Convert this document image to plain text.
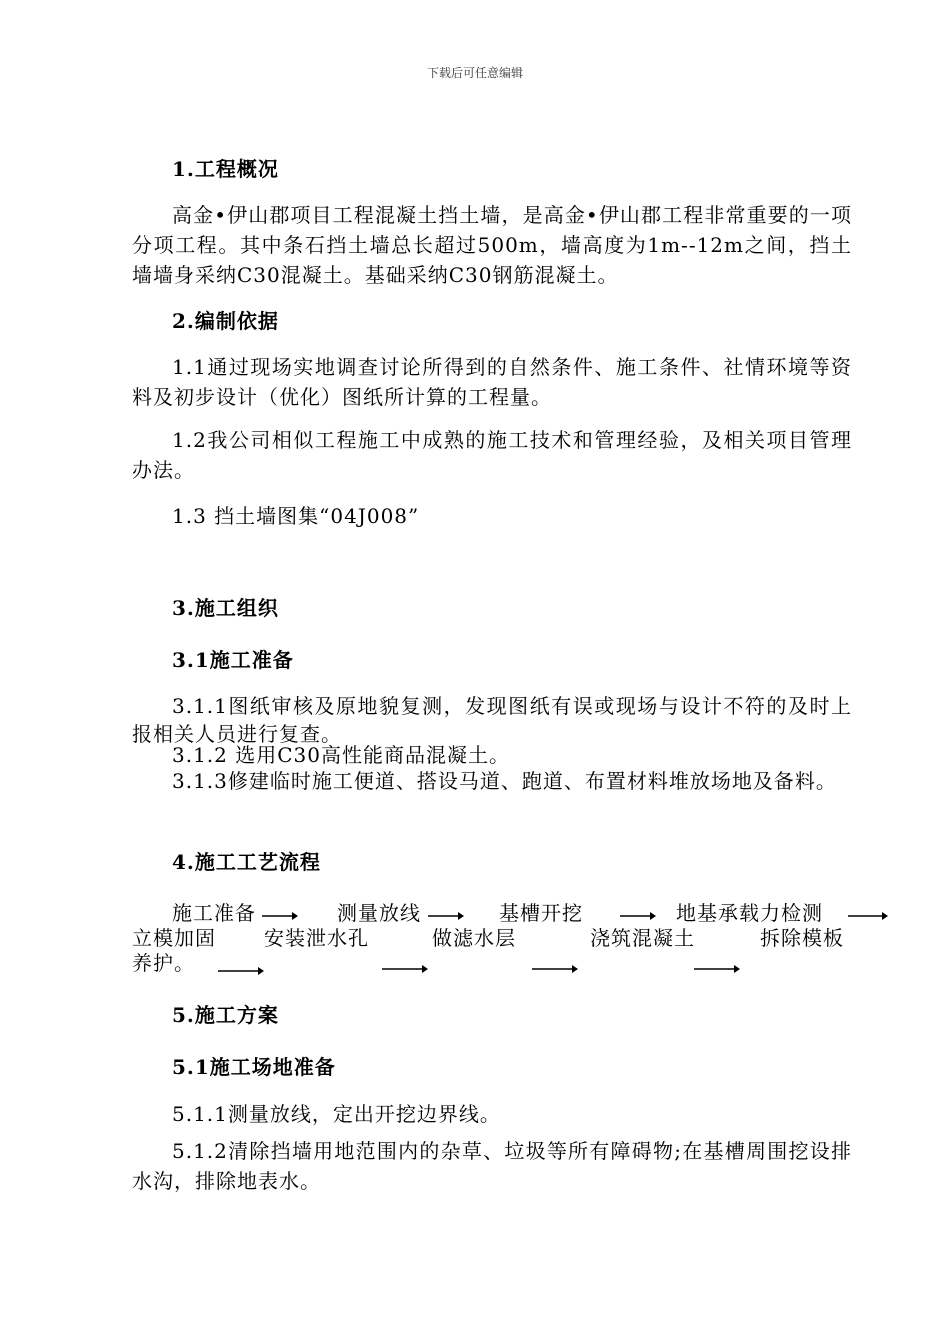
下载后可任意编辑
1.工程概况

高金•伊山郡项目工程混凝土挡土墙，是高金•伊山郡工程非常重要的一项分项工程。其中条石挡土墙总长超过500m，墙高度为1m--12m之间，挡土墙墙身采纳C30混凝土。基础采纳C30钢筋混凝土。

2.编制依据

1.1通过现场实地调查讨论所得到的自然条件、施工条件、社情环境等资料及初步设计（优化）图纸所计算的工程量。

1.2我公司相似工程施工中成熟的施工技术和管理经验，及相关项目管理办法。

1.3 挡土墙图集“04J008”

3.施工组织
3.1施工准备

3.1.1图纸审核及原地貌复测，发现图纸有误或现场与设计不符的及时上报相关人员进行复查。

3.1.2 选用C30高性能商品混凝土。

3.1.3修建临时施工便道、搭设马道、跑道、布置材料堆放场地及备料。

4.施工工艺流程
施工准备	测量放线	基槽开挖	地基承载力检测
立模加固 安装泄水孔	做滤水层	浇筑混凝土	拆除模板
养护。
5.施工方案
5.1施工场地准备

5.1.1测量放线，定出开挖边界线。

5.1.2清除挡墙用地范围内的杂草、垃圾等所有障碍物;在基槽周围挖设排水沟，排除地表水。
